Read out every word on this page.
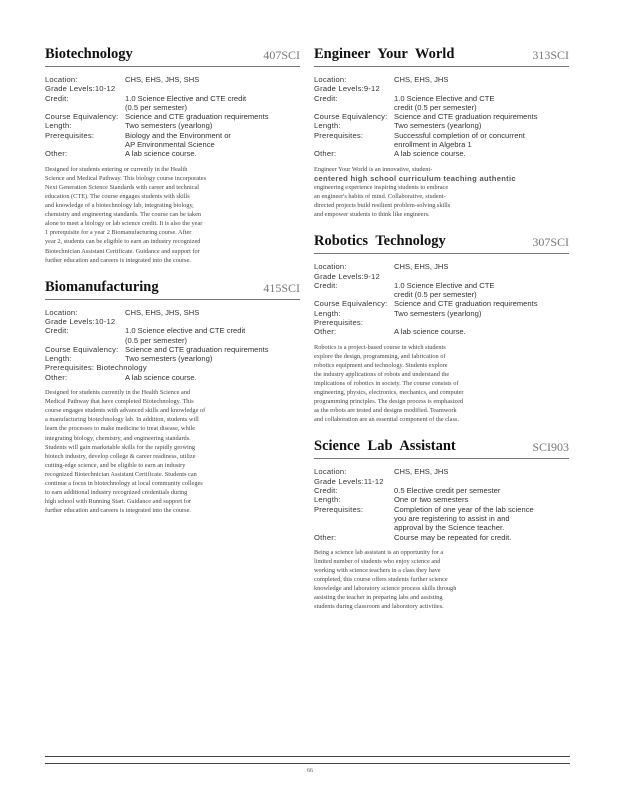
Biotechnology	407SCI
Location:	CHS, EHS, JHS, SHS
Grade Levels:10-12
Credit:	1.0 Science Elective and CTE credit
(0.5 per semester)
Course Equivalency: Science and CTE graduation requirements
Length:	Two semesters (yearlong)
Prerequisites:	Biology and the Environment or
AP Environmental Science
Other:	A lab science course.
Designed for students entering or currently in the Health
Science and Medical Pathway. This biology course incorporates
Next Generation Science Standards with career and technical
education (CTE). The course engages students with skills
and knowledge of a biotechnology lab, integrating biology,
chemistry and engineering standards. The course can be taken
alone to meet a biology or lab science credit. It is also the year
1 prerequisite for a year 2 Biomanufacturing course. After
year 2, students can be eligible to earn an industry recognized
Biotechnician Assistant Certificate. Guidance and support for
further education and careers is integrated into the course.
Biomanufacturing	415SCI
Location:	CHS, EHS, JHS, SHS
Grade Levels:10-12
Credit:	1.0 Science elective and CTE credit
(0.5 per semester)
Course Equivalency: Science and CTE graduation requirements
Length:	Two semesters (yearlong)
Prerequisites: Biotechnology
Other:	A lab science course.
Designed for students currently in the Health Science and
Medical Pathway that have completed Biotechnology. This
course engages students with advanced skills and knowledge of
a manufacturing biotechnology lab. In addition, students will
learn the processes to make medicine to treat disease, while
integrating biology, chemistry, and engineering standards.
Students will gain marketable skills for the rapidly growing
biotech industry, develop college & career readiness, utilize
cutting-edge science, and be eligible to earn an industry
recognized Biotechnician Assistant Certificate. Students can
continue a focus in biotechnology at local community colleges
to earn additional industry recognized credentials during
high school with Running Start. Guidance and support for
further education and careers is integrated into the course.
Engineer Your World	313SCI
Location:	CHS, EHS, JHS
Grade Levels:9-12
Credit:	1.0 Science Elective and CTE
credit (0.5 per semester)
Course Equivalency: Science and CTE graduation requirements
Length:	Two semesters (yearlong)
Prerequisites:	Successful completion of or concurrent
enrollment in Algebra 1
Other:	A lab science course.
Engineer Your World is an innovative, student-
centered high school curriculum teaching authentic
engineering experience inspiring students to embrace
an engineer's habits of mind. Collaborative, student-
directed projects build resilient problem-solving skills
and empower students to think like engineers.
Robotics Technology	307SCI
Location:	CHS, EHS, JHS
Grade Levels:9-12
Credit:	1.0 Science Elective and CTE
credit (0.5 per semester)
Course Equivalency: Science and CTE graduation requirements
Length:	Two semesters (yearlong)
Prerequisites:
Other:	A lab science course.
Robotics is a project-based course in which students
explore the design, programming, and fabrication of
robotics equipment and technology. Students explore
the industry applications of robots and understand the
implications of robotics in society. The course consists of
engineering, physics, electronics, mechanics, and computer
programming principles. The design process is emphasized
as the robots are tested and designs modified. Teamwork
and collaboration are an essential component of the class.
Science Lab Assistant	SCI903
Location:	CHS, EHS, JHS
Grade Levels:11-12
Credit:	0.5 Elective credit per semester
Length:	One or two semesters
Prerequisites:	Completion of one year of the lab science
you are registering to assist in and
approval by the Science teacher.
Other:	Course may be repeated for credit.
Being a science lab assistant is an opportunity for a
limited number of students who enjoy science and
working with science teachers in a class they have
completed, this course offers students further science
knowledge and laboratory science process skills through
assisting the teacher in preparing labs and assisting
students during classroom and laboratory activities.
66
